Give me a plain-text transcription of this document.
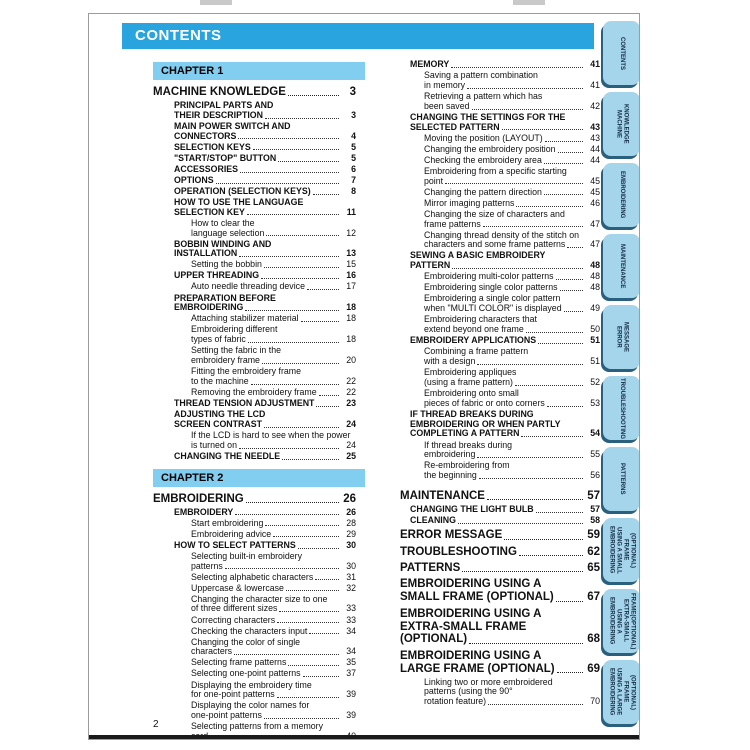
CONTENTS
CHAPTER 1
MACHINE KNOWLEDGE	3
PRINCIPAL PARTS AND
THEIR DESCRIPTION	3
MAIN POWER SWITCH AND
CONNECTORS	4
SELECTION KEYS	5
"START/STOP" BUTTON	5
ACCESSORIES	6
OPTIONS	7
OPERATION (SELECTION KEYS)	8
HOW TO USE THE LANGUAGE
SELECTION KEY	11
How to clear the
language selection	12
BOBBIN WINDING AND
INSTALLATION	13
Setting the bobbin	15
UPPER THREADING	16
Auto needle threading device	17
PREPARATION BEFORE
EMBROIDERING	18
Attaching stabilizer material	18
Embroidering different
types of fabric	18
Setting the fabric in the
embroidery frame	20
Fitting the embroidery frame
to the machine	22
Removing the embroidery frame	22
THREAD TENSION ADJUSTMENT	23
ADJUSTING THE LCD
SCREEN CONTRAST	24
If the LCD is hard to see when the power
is turned on	24
CHANGING THE NEEDLE	25
CHAPTER 2
EMBROIDERING	26
EMBROIDERY	26
Start embroidering	28
Embroidering advice	29
HOW TO SELECT PATTERNS	30
Selecting built-in embroidery
patterns	30
Selecting alphabetic characters	31
Uppercase & lowercase	32
Changing the character size to one
of three different sizes	33
Correcting characters	33
Checking the characters input	34
Changing the color of single
characters	34
Selecting frame patterns	35
Selecting one-point patterns	37
Displaying the embroidery time
for one-point patterns	39
Displaying the color names for
one-point patterns	39
Selecting patterns from a memory
MEMORY	41
Saving a pattern combination
in memory	41
Retrieving a pattern which has
been saved	42
CHANGING THE SETTINGS FOR THE
SELECTED PATTERN	43
Moving the position (LAYOUT)	43
Changing the embroidery position	44
Checking the embroidery area	44
Embroidering from a specific starting
point	45
Changing the pattern direction	45
Mirror imaging patterns	46
Changing the size of characters and
frame patterns	47
Changing thread density of the stitch on
characters and some frame patterns	47
SEWING A BASIC EMBROIDERY
PATTERN	48
Embroidering multi-color patterns	48
Embroidering single color patterns	48
Embroidering a single color pattern
when "MULTI COLOR" is displayed	49
Embroidering characters that
extend beyond one frame	50
EMBROIDERY APPLICATIONS	51
Combining a frame pattern
with a design	51
Embroidering appliques
(using a frame pattern)	52
Embroidering onto small
pieces of fabric or onto corners	53
IF THREAD BREAKS DURING
EMBROIDERING OR WHEN PARTLY
COMPLETING A PATTERN	54
If thread breaks during
embroidering	55
Re-embroidering from
the beginning	56
MAINTENANCE	57
CHANGING THE LIGHT BULB	57
CLEANING	58
ERROR MESSAGE	59
TROUBLESHOOTING	62
PATTERNS	65
EMBROIDERING USING A
SMALL FRAME (OPTIONAL)	67
EMBROIDERING USING A
EXTRA-SMALL FRAME
(OPTIONAL)	68
EMBROIDERING USING A
LARGE FRAME (OPTIONAL)	69
Linking two or more embroidered
patterns (using the 90°
rotation feature)	70
CONTENTS
MACHINE KNOWLEDGE
EMBROIDERING
MAINTENANCE
ERROR MESSAGE
TROUBLESHOOTING
PATTERNS
EMBROIDERING USING A SMALL FRAME (OPTIONAL)
EMBROIDERING USING A EXTRA-SMALL FRAME(OPTIONAL)
EMBROIDERING USING A LARGE FRAME (OPTIONAL)
2
